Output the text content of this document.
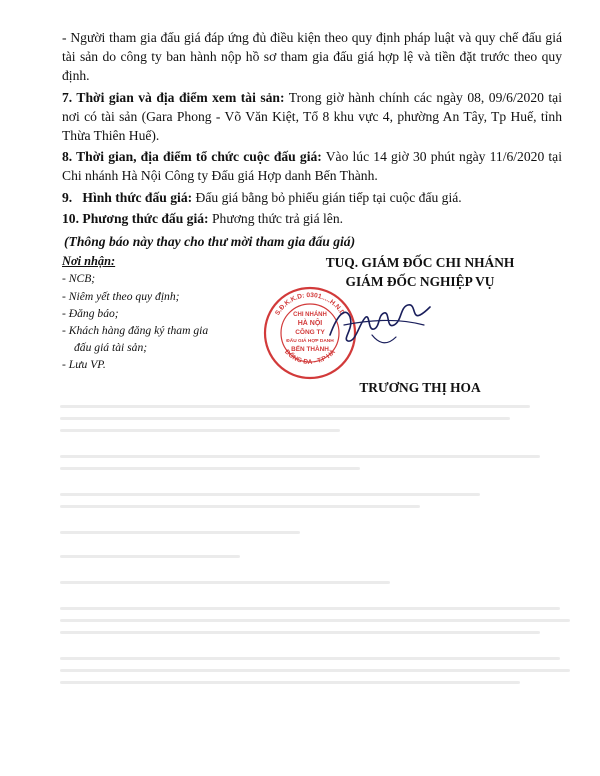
- Người tham gia đấu giá đáp ứng đủ điều kiện theo quy định pháp luật và quy chế đấu giá tài sản do công ty ban hành nộp hồ sơ tham gia đấu giá hợp lệ và tiền đặt trước theo quy định.

7. Thời gian và địa điểm xem tài sản: Trong giờ hành chính các ngày 08, 09/6/2020 tại nơi có tài sản (Gara Phong - Võ Văn Kiệt, Tổ 8 khu vực 4, phường An Tây, Tp Huế, tỉnh Thừa Thiên Huế).

8. Thời gian, địa điểm tổ chức cuộc đấu giá: Vào lúc 14 giờ 30 phút ngày 11/6/2020 tại Chi nhánh Hà Nội Công ty Đấu giá Hợp danh Bến Thành.

9.   Hình thức đấu giá: Đấu giá bằng bỏ phiếu gián tiếp tại cuộc đấu giá.

10. Phương thức đấu giá: Phương thức trả giá lên.

(Thông báo này thay cho thư mời tham gia đấu giá)

Nơi nhận:
- NCB;
- Niêm yết theo quy định;
- Đăng báo;
- Khách hàng đăng ký tham gia
đấu giá tài sản;
- Lưu VP.
TUQ. GIÁM ĐỐC CHI NHÁNH
GIÁM ĐỐC NGHIỆP VỤ
S.Đ.K.K.D: 0301.....H.N.D
ĐỐNG ĐA - T.P HÀ
CHI NHÁNH
HÀ NỘI
CÔNG TY
ĐẤU GIÁ HỢP DANH
BẾN THÀNH
TRƯƠNG THỊ HOA
